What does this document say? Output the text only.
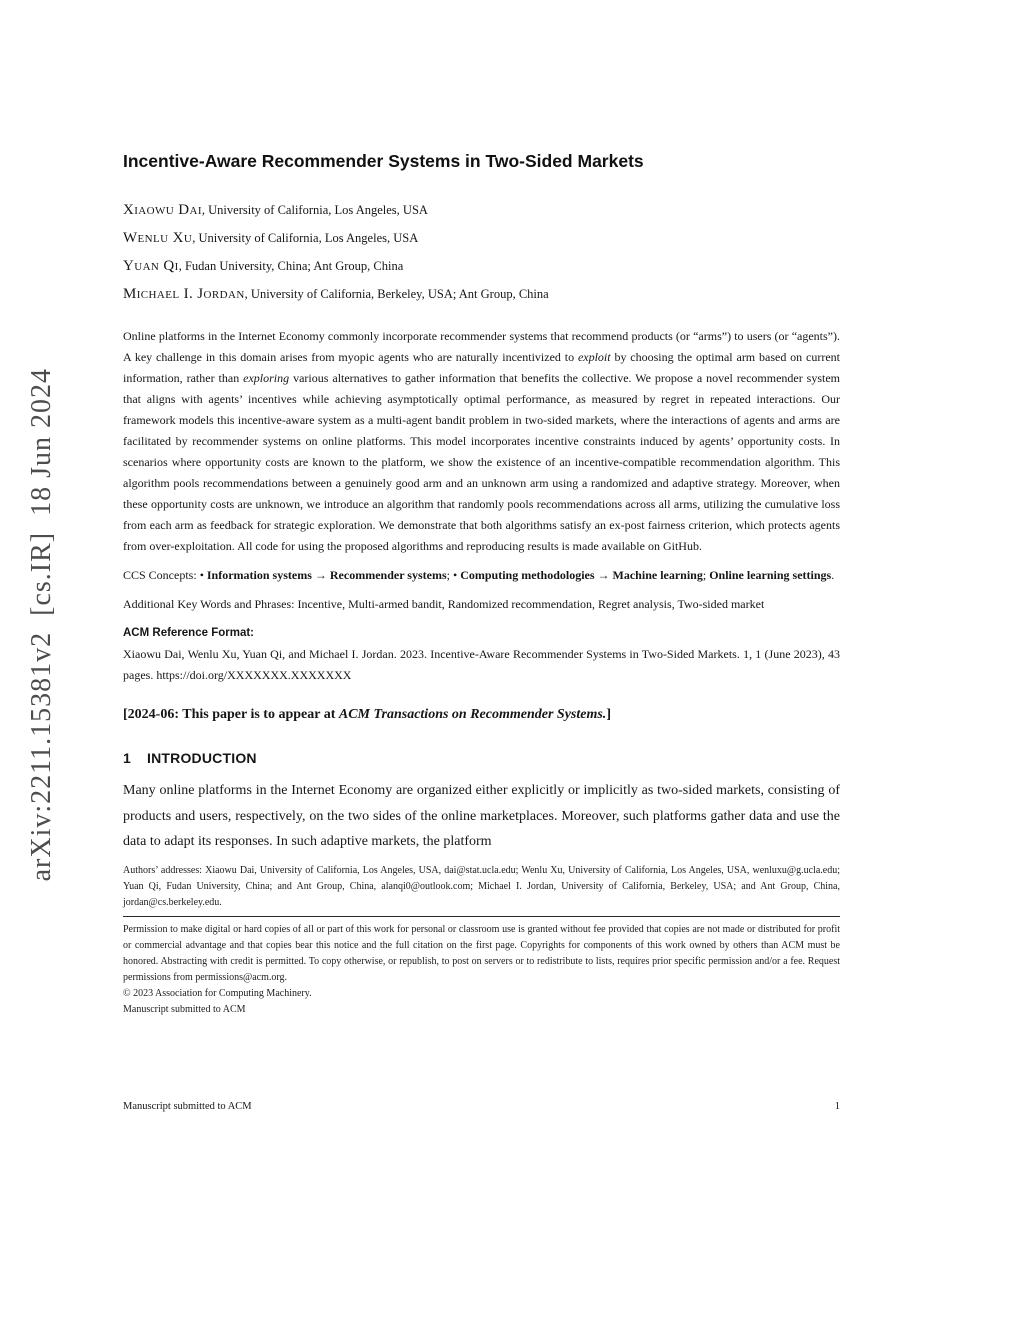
arXiv:2211.15381v2  [cs.IR]  18 Jun 2024
Incentive-Aware Recommender Systems in Two-Sided Markets
Xiaowu Dai, University of California, Los Angeles, USA
Wenlu Xu, University of California, Los Angeles, USA
Yuan Qi, Fudan University, China; Ant Group, China
Michael I. Jordan, University of California, Berkeley, USA; Ant Group, China

Online platforms in the Internet Economy commonly incorporate recommender systems that recommend products (or “arms”) to users (or “agents”). A key challenge in this domain arises from myopic agents who are naturally incentivized to exploit by choosing the optimal arm based on current information, rather than exploring various alternatives to gather information that benefits the collective. We propose a novel recommender system that aligns with agents’ incentives while achieving asymptotically optimal performance, as measured by regret in repeated interactions. Our framework models this incentive-aware system as a multi-agent bandit problem in two-sided markets, where the interactions of agents and arms are facilitated by recommender systems on online platforms. This model incorporates incentive constraints induced by agents’ opportunity costs. In scenarios where opportunity costs are known to the platform, we show the existence of an incentive-compatible recommendation algorithm. This algorithm pools recommendations between a genuinely good arm and an unknown arm using a randomized and adaptive strategy. Moreover, when these opportunity costs are unknown, we introduce an algorithm that randomly pools recommendations across all arms, utilizing the cumulative loss from each arm as feedback for strategic exploration. We demonstrate that both algorithms satisfy an ex-post fairness criterion, which protects agents from over-exploitation. All code for using the proposed algorithms and reproducing results is made available on GitHub.

CCS Concepts: • Information systems → Recommender systems; • Computing methodologies → Machine learning; Online learning settings.

Additional Key Words and Phrases: Incentive, Multi-armed bandit, Randomized recommendation, Regret analysis, Two-sided market

ACM Reference Format:

Xiaowu Dai, Wenlu Xu, Yuan Qi, and Michael I. Jordan. 2023. Incentive-Aware Recommender Systems in Two-Sided Markets. 1, 1 (June 2023), 43 pages. https://doi.org/XXXXXXX.XXXXXXX

[2024-06: This paper is to appear at ACM Transactions on Recommender Systems.]

1 INTRODUCTION

Many online platforms in the Internet Economy are organized either explicitly or implicitly as two-sided markets, consisting of products and users, respectively, on the two sides of the online marketplaces. Moreover, such platforms gather data and use the data to adapt its responses. In such adaptive markets, the platform

Authors’ addresses: Xiaowu Dai, University of California, Los Angeles, USA, dai@stat.ucla.edu; Wenlu Xu, University of California, Los Angeles, USA, wenluxu@g.ucla.edu; Yuan Qi, Fudan University, China; and Ant Group, China, alanqi0@outlook.com; Michael I. Jordan, University of California, Berkeley, USA; and Ant Group, China, jordan@cs.berkeley.edu.

Permission to make digital or hard copies of all or part of this work for personal or classroom use is granted without fee provided that copies are not made or distributed for profit or commercial advantage and that copies bear this notice and the full citation on the first page. Copyrights for components of this work owned by others than ACM must be honored. Abstracting with credit is permitted. To copy otherwise, or republish, to post on servers or to redistribute to lists, requires prior specific permission and/or a fee. Request permissions from permissions@acm.org.

© 2023 Association for Computing Machinery.

Manuscript submitted to ACM

Manuscript submitted to ACM	1
